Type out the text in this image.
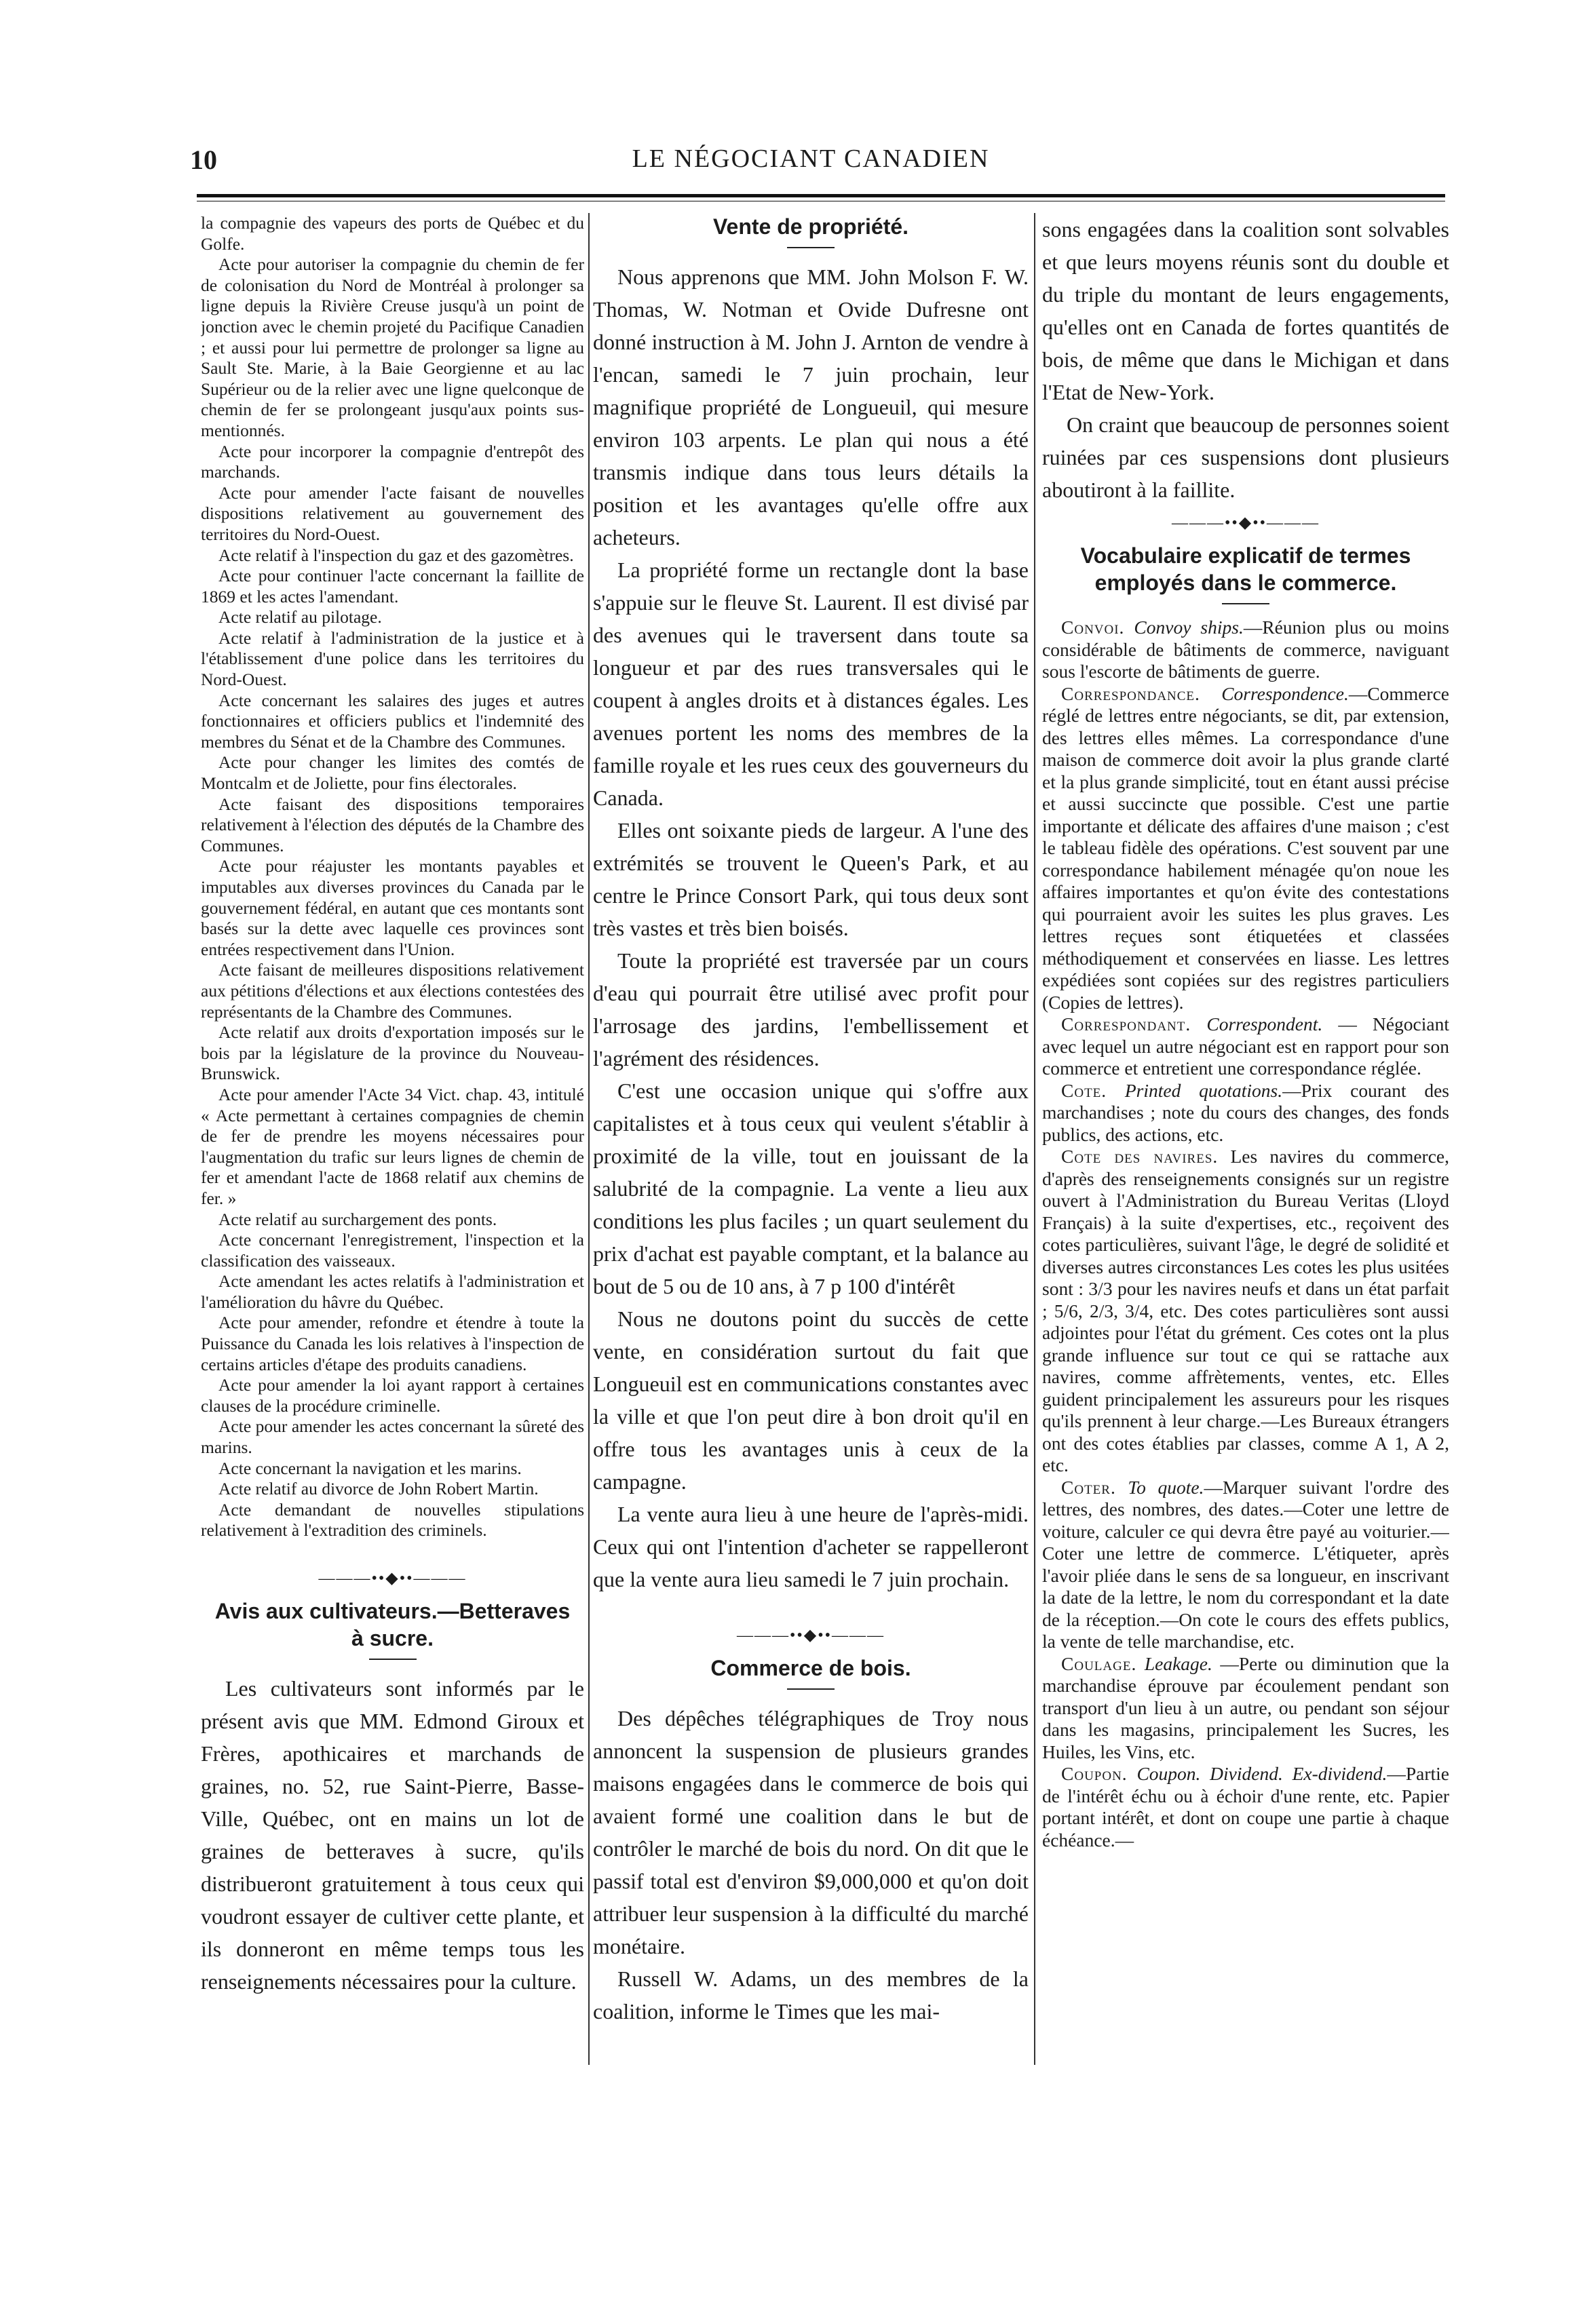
LE NÉGOCIANT CANADIEN
10

la compagnie des vapeurs des ports de Québec et du Golfe.

Acte pour autoriser la compagnie du chemin de fer de colonisation du Nord de Montréal à prolonger sa ligne depuis la Rivière Creuse jusqu'à un point de jonction avec le chemin projeté du Pacifique Canadien ; et aussi pour lui permettre de prolonger sa ligne au Sault Ste. Marie, à la Baie Georgienne et au lac Supérieur ou de la relier avec une ligne quelconque de chemin de fer se prolongeant jusqu'aux points sus-mentionnés.

Acte pour incorporer la compagnie d'entrepôt des marchands.

Acte pour amender l'acte faisant de nouvelles dispositions relativement au gouvernement des territoires du Nord-Ouest.

Acte relatif à l'inspection du gaz et des gazomètres.

Acte pour continuer l'acte concernant la faillite de 1869 et les actes l'amendant.

Acte relatif au pilotage.

Acte relatif à l'administration de la justice et à l'établissement d'une police dans les territoires du Nord-Ouest.

Acte concernant les salaires des juges et autres fonctionnaires et officiers publics et l'indemnité des membres du Sénat et de la Chambre des Communes.

Acte pour changer les limites des comtés de Montcalm et de Joliette, pour fins électorales.

Acte faisant des dispositions temporaires relativement à l'élection des députés de la Chambre des Communes.

Acte pour réajuster les montants payables et imputables aux diverses provinces du Canada par le gouvernement fédéral, en autant que ces montants sont basés sur la dette avec laquelle ces provinces sont entrées respectivement dans l'Union.

Acte faisant de meilleures dispositions relativement aux pétitions d'élections et aux élections contestées des représentants de la Chambre des Communes.

Acte relatif aux droits d'exportation imposés sur le bois par la législature de la province du Nouveau-Brunswick.

Acte pour amender l'Acte 34 Vict. chap. 43, intitulé « Acte permettant à certaines compagnies de chemin de fer de prendre les moyens nécessaires pour l'augmentation du trafic sur leurs lignes de chemin de fer et amendant l'acte de 1868 relatif aux chemins de fer. »

Acte relatif au surchargement des ponts.

Acte concernant l'enregistrement, l'inspection et la classification des vaisseaux.

Acte amendant les actes relatifs à l'administration et l'amélioration du hâvre du Québec.

Acte pour amender, refondre et étendre à toute la Puissance du Canada les lois relatives à l'inspection de certains articles d'étape des produits canadiens.

Acte pour amender la loi ayant rapport à certaines clauses de la procédure criminelle.

Acte pour amender les actes concernant la sûreté des marins.

Acte concernant la navigation et les marins.

Acte relatif au divorce de John Robert Martin.

Acte demandant de nouvelles stipulations relativement à l'extradition des criminels.

———••◆••———
Avis aux cultivateurs.—Betteraves
à sucre.

Les cultivateurs sont informés par le présent avis que MM. Edmond Giroux et Frères, apothicaires et marchands de graines, no. 52, rue Saint-Pierre, Basse-Ville, Québec, ont en mains un lot de graines de betteraves à sucre, qu'ils distribueront gratuitement à tous ceux qui voudront essayer de cultiver cette plante, et ils donneront en même temps tous les renseignements nécessaires pour la culture.

Vente de propriété.

Nous apprenons que MM. John Molson F. W. Thomas, W. Notman et Ovide Dufresne ont donné instruction à M. John J. Arnton de vendre à l'encan, samedi le 7 juin prochain, leur magnifique propriété de Longueuil, qui mesure environ 103 arpents. Le plan qui nous a été transmis indique dans tous leurs détails la position et les avantages qu'elle offre aux acheteurs.

La propriété forme un rectangle dont la base s'appuie sur le fleuve St. Laurent. Il est divisé par des avenues qui le traversent dans toute sa longueur et par des rues transversales qui le coupent à angles droits et à distances égales. Les avenues portent les noms des membres de la famille royale et les rues ceux des gouverneurs du Canada.

Elles ont soixante pieds de largeur. A l'une des extrémités se trouvent le Queen's Park, et au centre le Prince Consort Park, qui tous deux sont très vastes et très bien boisés.

Toute la propriété est traversée par un cours d'eau qui pourrait être utilisé avec profit pour l'arrosage des jardins, l'embellissement et l'agrément des résidences.

C'est une occasion unique qui s'offre aux capitalistes et à tous ceux qui veulent s'établir à proximité de la ville, tout en jouissant de la salubrité de la compagnie. La vente a lieu aux conditions les plus faciles ; un quart seulement du prix d'achat est payable comptant, et la balance au bout de 5 ou de 10 ans, à 7 p 100 d'intérêt

Nous ne doutons point du succès de cette vente, en considération surtout du fait que Longueuil est en communications constantes avec la ville et que l'on peut dire à bon droit qu'il en offre tous les avantages unis à ceux de la campagne.

La vente aura lieu à une heure de l'après-midi. Ceux qui ont l'intention d'acheter se rappelleront que la vente aura lieu samedi le 7 juin prochain.

———••◆••———
Commerce de bois.

Des dépêches télégraphiques de Troy nous annoncent la suspension de plusieurs grandes maisons engagées dans le commerce de bois qui avaient formé une coalition dans le but de contrôler le marché de bois du nord. On dit que le passif total est d'environ $9,000,000 et qu'on doit attribuer leur suspension à la difficulté du marché monétaire.

Russell W. Adams, un des membres de la coalition, informe le Times que les mai-

sons engagées dans la coalition sont solvables et que leurs moyens réunis sont du double et du triple du montant de leurs engagements, qu'elles ont en Canada de fortes quantités de bois, de même que dans le Michigan et dans l'Etat de New-York.

On craint que beaucoup de personnes soient ruinées par ces suspensions dont plusieurs aboutiront à la faillite.

———••◆••———
Vocabulaire explicatif de termes employés dans le commerce.

Convoi. Convoy ships.—Réunion plus ou moins considérable de bâtiments de commerce, naviguant sous l'escorte de bâtiments de guerre.

Correspondance. Correspondence.—Commerce réglé de lettres entre négociants, se dit, par extension, des lettres elles mêmes. La correspondance d'une maison de commerce doit avoir la plus grande clarté et la plus grande simplicité, tout en étant aussi précise et aussi succincte que possible. C'est une partie importante et délicate des affaires d'une maison ; c'est le tableau fidèle des opérations. C'est souvent par une correspondance habilement ménagée qu'on noue les affaires importantes et qu'on évite des contestations qui pourraient avoir les suites les plus graves. Les lettres reçues sont étiquetées et classées méthodiquement et conservées en liasse. Les lettres expédiées sont copiées sur des registres particuliers (Copies de lettres).

Correspondant. Correspondent. — Négociant avec lequel un autre négociant est en rapport pour son commerce et entretient une correspondance réglée.

Cote. Printed quotations.—Prix courant des marchandises ; note du cours des changes, des fonds publics, des actions, etc.

Cote des navires. Les navires du commerce, d'après des renseignements consignés sur un registre ouvert à l'Administration du Bureau Veritas (Lloyd Français) à la suite d'expertises, etc., reçoivent des cotes particulières, suivant l'âge, le degré de solidité et diverses autres circonstances Les cotes les plus usitées sont : 3/3 pour les navires neufs et dans un état parfait ; 5/6, 2/3, 3/4, etc. Des cotes particulières sont aussi adjointes pour l'état du grément. Ces cotes ont la plus grande influence sur tout ce qui se rattache aux navires, comme affrètements, ventes, etc. Elles guident principalement les assureurs pour les risques qu'ils prennent à leur charge.—Les Bureaux étrangers ont des cotes établies par classes, comme A 1, A 2, etc.

Coter. To quote.—Marquer suivant l'ordre des lettres, des nombres, des dates.—Coter une lettre de voiture, calculer ce qui devra être payé au voiturier.—Coter une lettre de commerce. L'étiqueter, après l'avoir pliée dans le sens de sa longueur, en inscrivant la date de la lettre, le nom du correspondant et la date de la réception.—On cote le cours des effets publics, la vente de telle marchandise, etc.

Coulage. Leakage. —Perte ou diminution que la marchandise éprouve par écoulement pendant son transport d'un lieu à un autre, ou pendant son séjour dans les magasins, principalement les Sucres, les Huiles, les Vins, etc.

Coupon. Coupon. Dividend. Ex-dividend.—Partie de l'intérêt échu ou à échoir d'une rente, etc. Papier portant intérêt, et dont on coupe une partie à chaque échéance.—
